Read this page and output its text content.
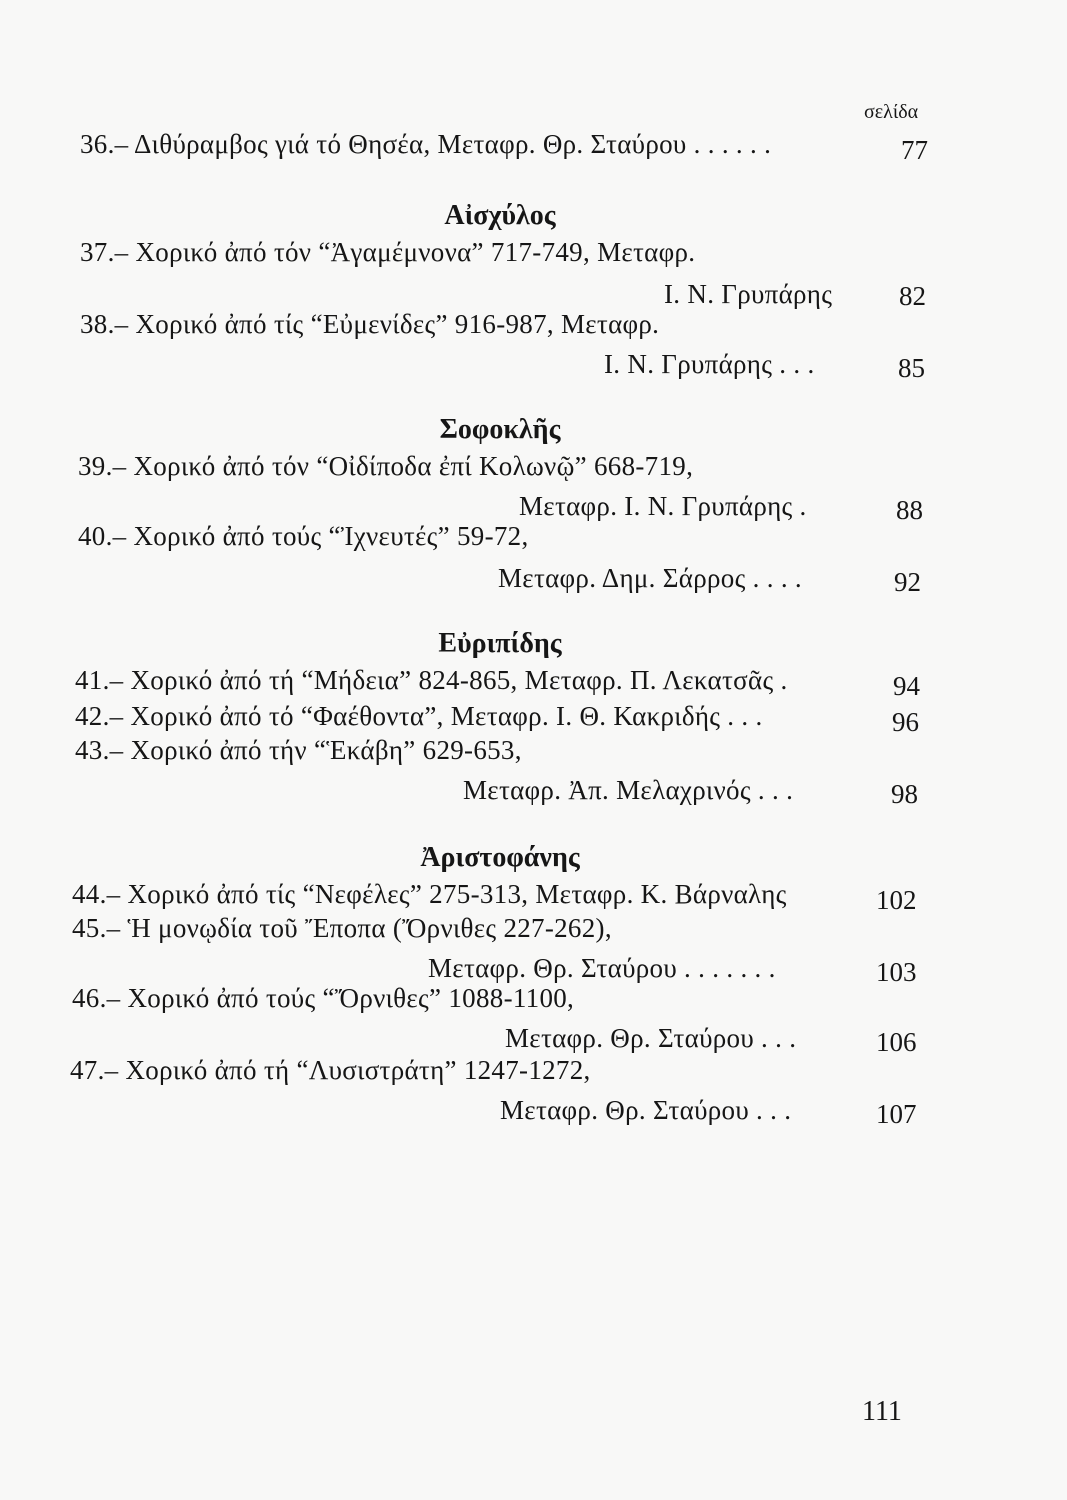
σελίδα
36.– Διθύραμβος γιά τό Θησέα, Μεταφρ. Θρ. Σταύρου . . . . . .	77
Αἰσχύλος
37.– Χορικό ἀπό τόν “Ἀγαμέμνονα” 717-749, Μεταφρ.
Ι. Ν. Γρυπάρης 82
38.– Χορικό ἀπό τίς “Εὐμενίδες” 916-987, Μεταφρ.
Ι. Ν. Γρυπάρης . . .	85
Σοφοκλῆς
39.– Χορικό ἀπό τόν “Οἰδίποδα ἐπί Κολωνῷ” 668-719,
Μεταφρ. Ι. Ν. Γρυπάρης .	88
40.– Χορικό ἀπό τούς “Ἰχνευτές” 59-72,
Μεταφρ. Δημ. Σάρρος . . . .	92
Εὐριπίδης
41.– Χορικό ἀπό τή “Μήδεια” 824-865, Μεταφρ. Π. Λεκατσᾶς .	94
42.– Χορικό ἀπό τό “Φαέθοντα”, Μεταφρ. Ι. Θ. Κακριδής . . .	96
43.– Χορικό ἀπό τήν “Ἑκάβη” 629-653,
Μεταφρ. Ἀπ. Μελαχρινός . . .	98
Ἀριστοφάνης
44.– Χορικό ἀπό τίς “Νεφέλες” 275-313, Μεταφρ. Κ. Βάρναλης	102
45.– Ἡ μονῳδία τοῦ Ἔποπα (Ὄρνιθες 227-262),
Μεταφρ. Θρ. Σταύρου . . . . . . .	103
46.– Χορικό ἀπό τούς “Ὄρνιθες” 1088-1100,
Μεταφρ. Θρ. Σταύρου . . .	106
47.– Χορικό ἀπό τή “Λυσιστράτη” 1247-1272,
Μεταφρ. Θρ. Σταύρου . . .	107
111
